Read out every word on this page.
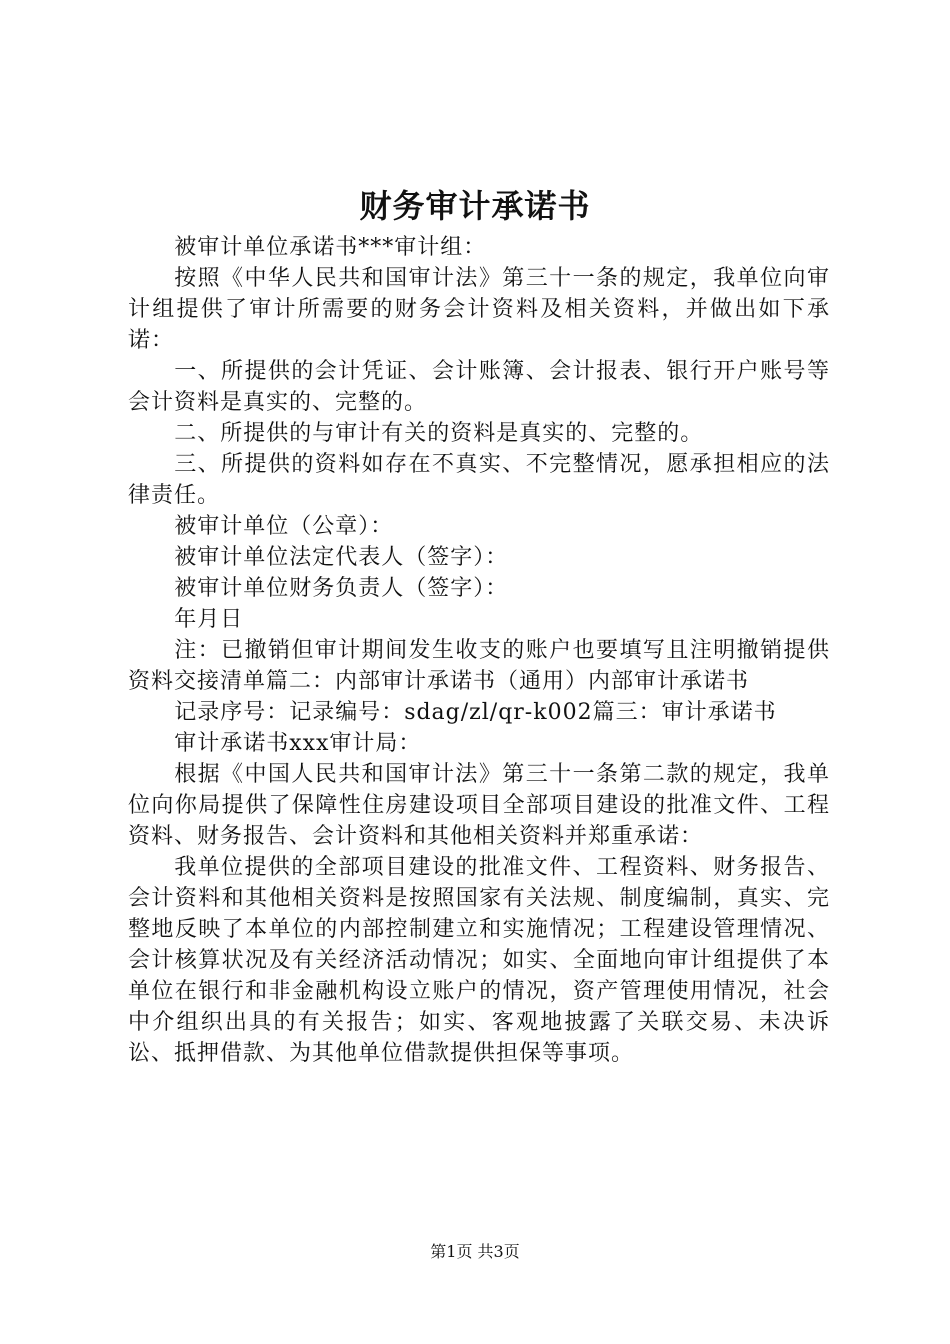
财务审计承诺书

被审计单位承诺书***审计组：

按照《中华人民共和国审计法》第三十一条的规定，我单位向审计组提供了审计所需要的财务会计资料及相关资料，并做出如下承诺：

一、所提供的会计凭证、会计账簿、会计报表、银行开户账号等会计资料是真实的、完整的。

二、所提供的与审计有关的资料是真实的、完整的。

三、所提供的资料如存在不真实、不完整情况，愿承担相应的法律责任。

被审计单位（公章）：

被审计单位法定代表人（签字）：

被审计单位财务负责人（签字）：

年月日

注：已撤销但审计期间发生收支的账户也要填写且注明撤销提供资料交接清单篇二：内部审计承诺书（通用）内部审计承诺书

记录序号：记录编号：sdag/zl/qr-k002篇三：审计承诺书

审计承诺书xxx审计局：

根据《中国人民共和国审计法》第三十一条第二款的规定，我单位向你局提供了保障性住房建设项目全部项目建设的批准文件、工程资料、财务报告、会计资料和其他相关资料并郑重承诺：

我单位提供的全部项目建设的批准文件、工程资料、财务报告、会计资料和其他相关资料是按照国家有关法规、制度编制，真实、完整地反映了本单位的内部控制建立和实施情况；工程建设管理情况、会计核算状况及有关经济活动情况；如实、全面地向审计组提供了本单位在银行和非金融机构设立账户的情况，资产管理使用情况，社会中介组织出具的有关报告；如实、客观地披露了关联交易、未决诉讼、抵押借款、为其他单位借款提供担保等事项。

第1页 共3页
